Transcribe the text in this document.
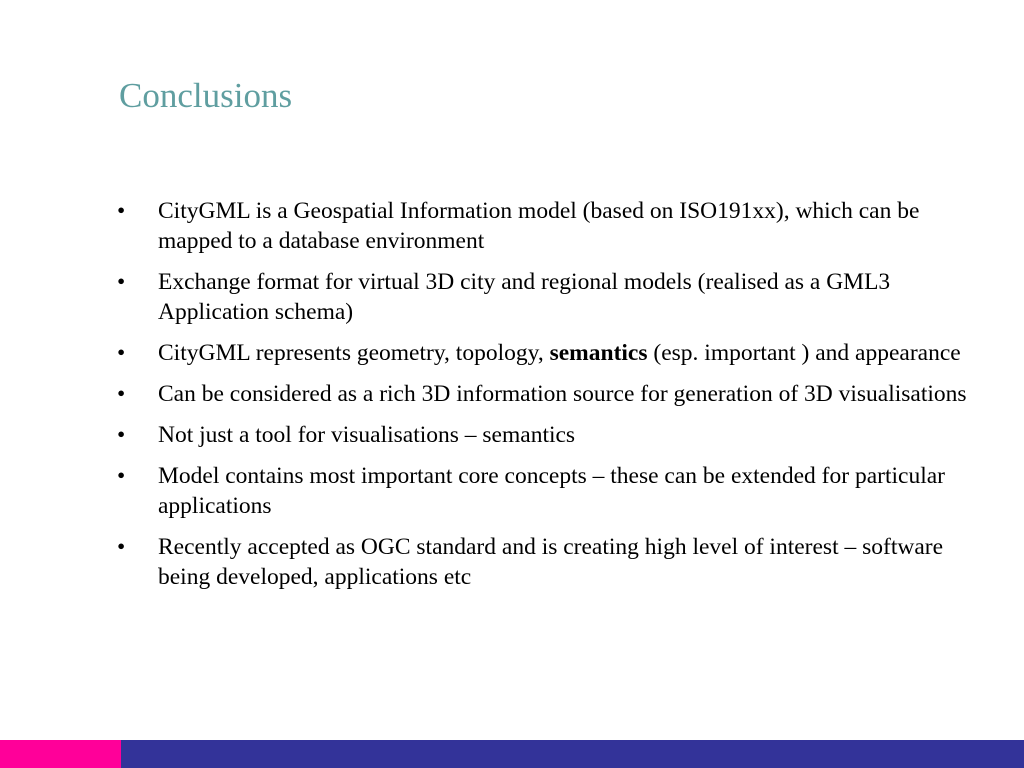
Conclusions
• CityGML is a Geospatial Information model (based on ISO191xx), which can be mapped to a database environment
• Exchange format for virtual 3D city and regional models (realised as a GML3 Application schema)
• CityGML represents geometry, topology, semantics (esp. important ) and appearance
• Can be considered as a rich 3D information source for generation of 3D visualisations
• Not just a tool for visualisations – semantics
• Model contains most important core concepts – these can be extended for particular applications
• Recently accepted as OGC standard and is creating high level of interest – software being developed, applications etc
